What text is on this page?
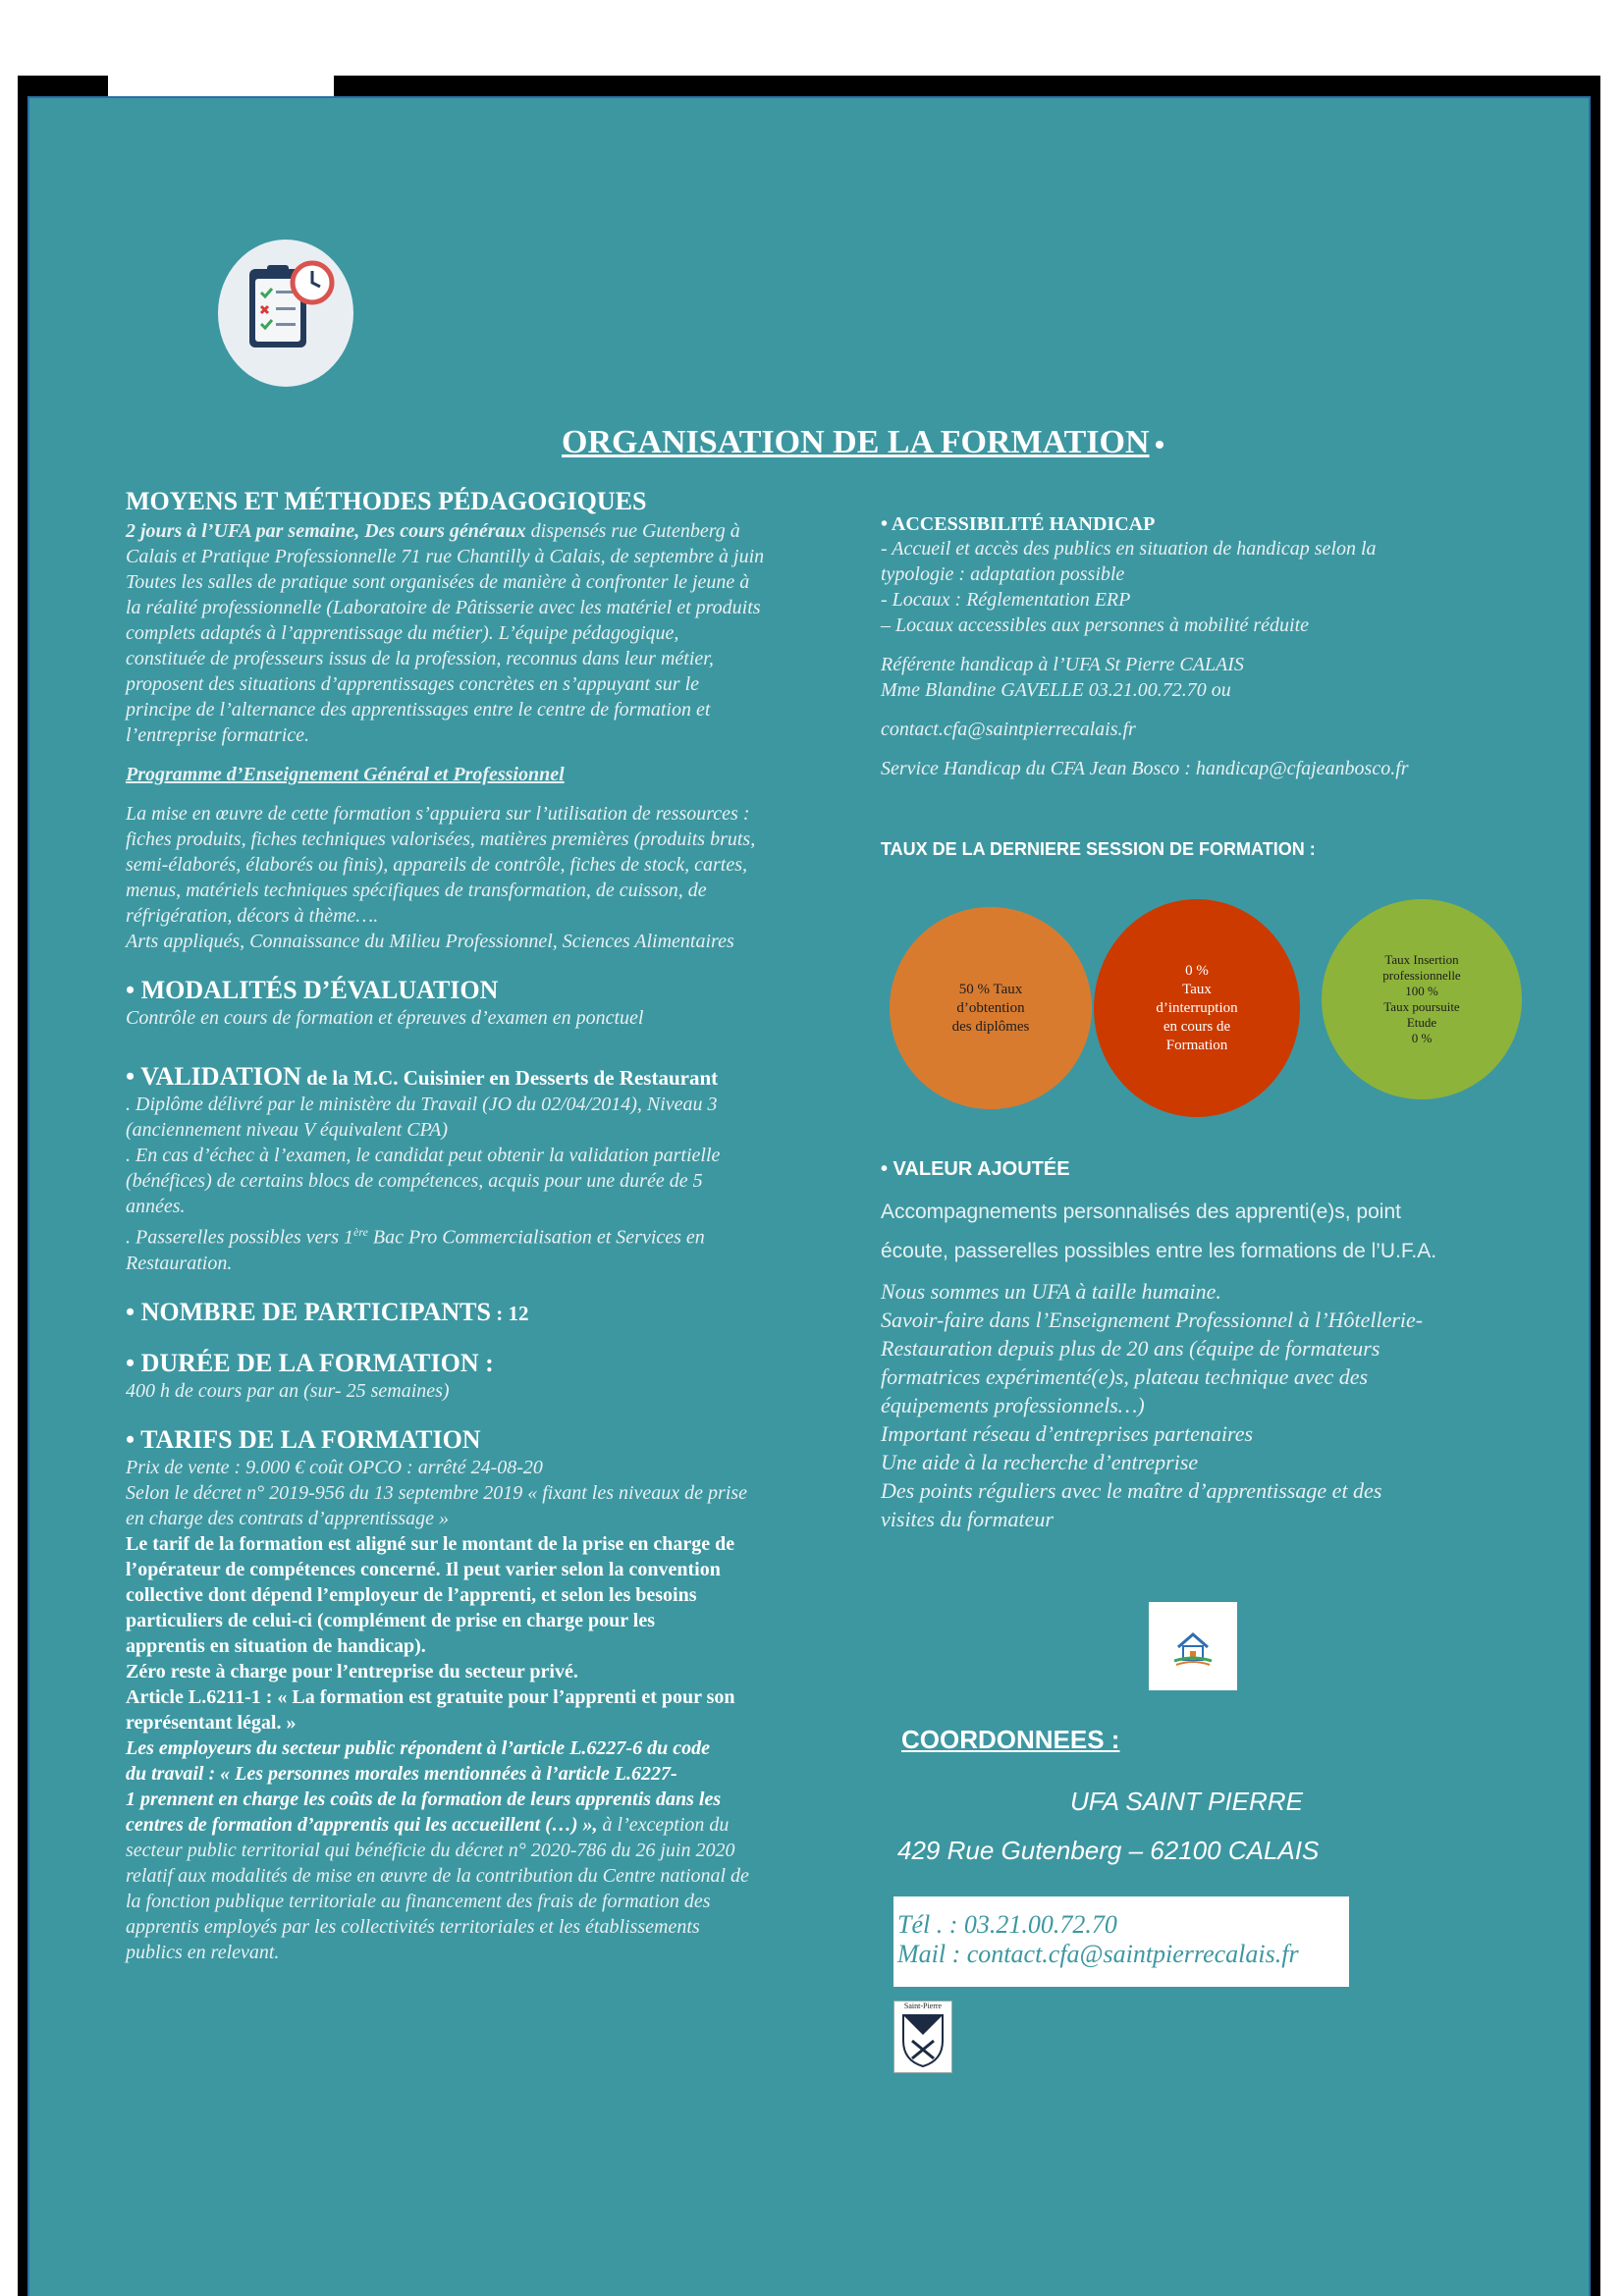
ORGANISATION DE LA FORMATION

MOYENS ET MÉTHODES PÉDAGOGIQUES

2 jours à l’UFA par semaine, Des cours généraux dispensés rue Gutenberg à

Calais et Pratique Professionnelle 71 rue Chantilly à Calais, de septembre à juin

Toutes les salles de pratique sont organisées de manière à confronter le jeune à

la réalité professionnelle (Laboratoire de Pâtisserie avec les matériel et produits

complets adaptés à l’apprentissage du métier). L’équipe pédagogique,

constituée de professeurs issus de la profession, reconnus dans leur métier,

proposent des situations d’apprentissages concrètes en s’appuyant sur le

principe de l’alternance des apprentissages entre le centre de formation et

l’entreprise formatrice.

Programme d’Enseignement Général et Professionnel

La mise en œuvre de cette formation s’appuiera sur l’utilisation de ressources :

fiches produits, fiches techniques valorisées, matières premières (produits bruts,

semi-élaborés, élaborés ou finis), appareils de contrôle, fiches de stock, cartes,

menus, matériels techniques spécifiques de transformation, de cuisson, de

réfrigération, décors à thème….

Arts appliqués, Connaissance du Milieu Professionnel, Sciences Alimentaires

• MODALITÉS D’ÉVALUATION

Contrôle en cours de formation et épreuves d’examen en ponctuel

• VALIDATION de la M.C. Cuisinier en Desserts de Restaurant

. Diplôme délivré par le ministère du Travail (JO du 02/04/2014), Niveau 3

(anciennement niveau V équivalent CPA)

. En cas d’échec à l’examen, le candidat peut obtenir la validation partielle

(bénéfices) de certains blocs de compétences, acquis pour une durée de 5

années.

. Passerelles possibles vers 1ère Bac Pro Commercialisation et Services en

Restauration.

• NOMBRE DE PARTICIPANTS : 12

• DURÉE DE LA FORMATION :

400 h de cours par an (sur- 25 semaines)

• TARIFS DE LA FORMATION

Prix de vente : 9.000 € coût OPCO : arrêté 24-08-20

Selon le décret n° 2019-956 du 13 septembre 2019 « fixant les niveaux de prise

en charge des contrats d’apprentissage »

Le tarif de la formation est aligné sur le montant de la prise en charge de

l’opérateur de compétences concerné. Il peut varier selon la convention

collective dont dépend l’employeur de l’apprenti, et selon les besoins

particuliers de celui-ci (complément de prise en charge pour les

apprentis en situation de handicap).

Zéro reste à charge pour l’entreprise du secteur privé.

Article L.6211-1 : « La formation est gratuite pour l’apprenti et pour son

représentant légal. »

Les employeurs du secteur public répondent à l’article L.6227-6 du code

du travail : « Les personnes morales mentionnées à l’article L.6227-

1 prennent en charge les coûts de la formation de leurs apprentis dans les

centres de formation d’apprentis qui les accueillent (…) », à l’exception du

secteur public territorial qui bénéficie du décret n° 2020-786 du 26 juin 2020

relatif aux modalités de mise en œuvre de la contribution du Centre national de

la fonction publique territoriale au financement des frais de formation des

apprentis employés par les collectivités territoriales et les établissements

publics en relevant.

• ACCESSIBILITÉ HANDICAP

- Accueil et accès des publics en situation de handicap selon la

typologie : adaptation possible

- Locaux : Réglementation ERP

– Locaux accessibles aux personnes à mobilité réduite

Référente handicap à l’UFA St Pierre CALAIS

Mme Blandine GAVELLE 03.21.00.72.70 ou

contact.cfa@saintpierrecalais.fr

Service Handicap du CFA Jean Bosco : handicap@cfajeanbosco.fr

TAUX DE LA DERNIERE SESSION DE FORMATION :

50 % Taux
d’obtention
des diplômes
0 %
Taux
d’interruption
en cours de
Formation
Taux Insertion
professionnelle
100 %
Taux poursuite
Etude
0 %

• VALEUR AJOUTÉE

Accompagnements personnalisés des apprenti(e)s, point

écoute, passerelles possibles entre les formations de l’U.F.A.

Nous sommes un UFA à taille humaine.

Savoir-faire dans l’Enseignement Professionnel à l’Hôtellerie-

Restauration depuis plus de 20 ans (équipe de formateurs

formatrices expérimenté(e)s, plateau technique avec des

équipements professionnels…)

Important réseau d’entreprises partenaires

Une aide à la recherche d’entreprise

Des points réguliers avec le maître d’apprentissage et des

visites du formateur

COORDONNEES :

UFA SAINT PIERRE

429 Rue Gutenberg – 62100 CALAIS

Tél . : 03.21.00.72.70

Mail : contact.cfa@saintpierrecalais.fr

Saint-Pierre
